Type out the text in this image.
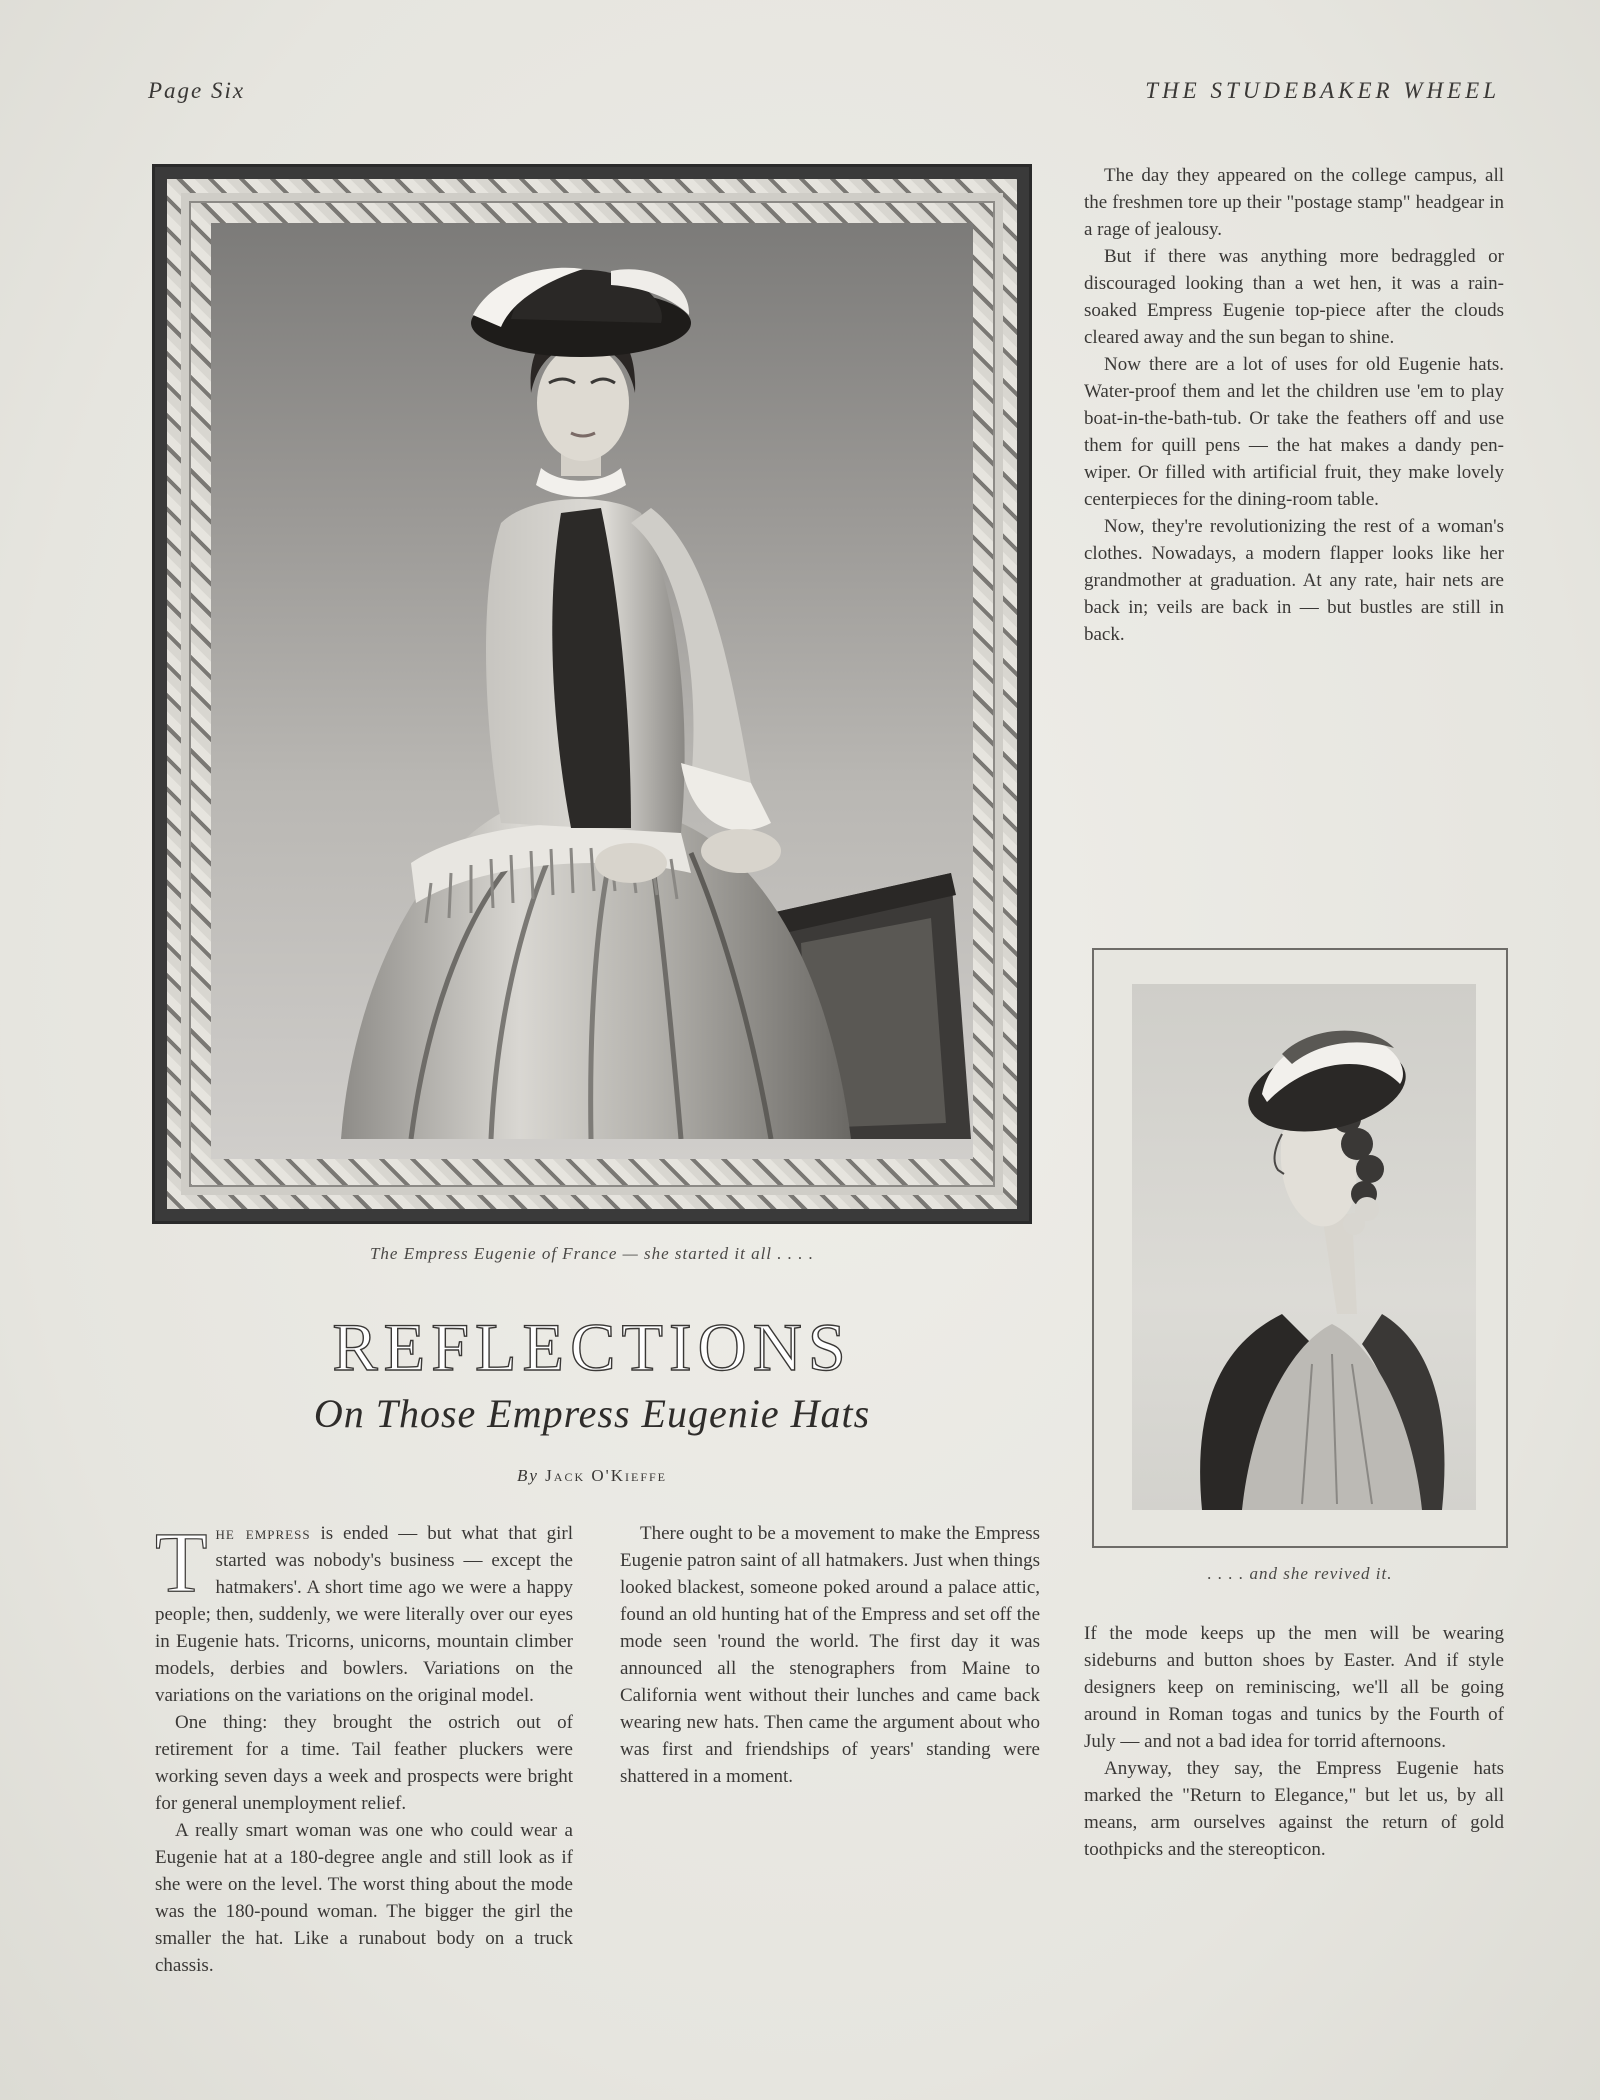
Page Six	THE STUDEBAKER WHEEL
The Empress Eugenie of France — she started it all . . . .
REFLECTIONS
On Those Empress Eugenie Hats
By Jack O'Kieffe

The empress is ended — but what that girl started was nobody's business — except the hatmakers'. A short time ago we were a happy people; then, suddenly, we were literally over our eyes in Eugenie hats. Tricorns, unicorns, mountain climber models, derbies and bowlers. Variations on the variations on the variations on the original model.

One thing: they brought the ostrich out of retirement for a time. Tail feather pluckers were working seven days a week and prospects were bright for general unemployment relief.

A really smart woman was one who could wear a Eugenie hat at a 180-degree angle and still look as if she were on the level. The worst thing about the mode was the 180-pound woman. The bigger the girl the smaller the hat. Like a runabout body on a truck chassis.

There ought to be a movement to make the Empress Eugenie patron saint of all hatmakers. Just when things looked blackest, someone poked around a palace attic, found an old hunting hat of the Empress and set off the mode seen 'round the world. The first day it was announced all the stenographers from Maine to California went without their lunches and came back wearing new hats. Then came the argument about who was first and friendships of years' standing were shattered in a moment.

The day they appeared on the college campus, all the freshmen tore up their "postage stamp" headgear in a rage of jealousy.

But if there was anything more bedraggled or discouraged looking than a wet hen, it was a rain-soaked Empress Eugenie top-piece after the clouds cleared away and the sun began to shine.

Now there are a lot of uses for old Eugenie hats. Water-proof them and let the children use 'em to play boat-in-the-bath-tub. Or take the feathers off and use them for quill pens — the hat makes a dandy pen-wiper. Or filled with artificial fruit, they make lovely centerpieces for the dining-room table.

Now, they're revolutionizing the rest of a woman's clothes. Nowadays, a modern flapper looks like her grandmother at graduation. At any rate, hair nets are back in; veils are back in — but bustles are still in back.

. . . . and she revived it.

If the mode keeps up the men will be wearing sideburns and button shoes by Easter. And if style designers keep on reminiscing, we'll all be going around in Roman togas and tunics by the Fourth of July — and not a bad idea for torrid afternoons.

Anyway, they say, the Empress Eugenie hats marked the "Return to Elegance," but let us, by all means, arm ourselves against the return of gold toothpicks and the stereopticon.
